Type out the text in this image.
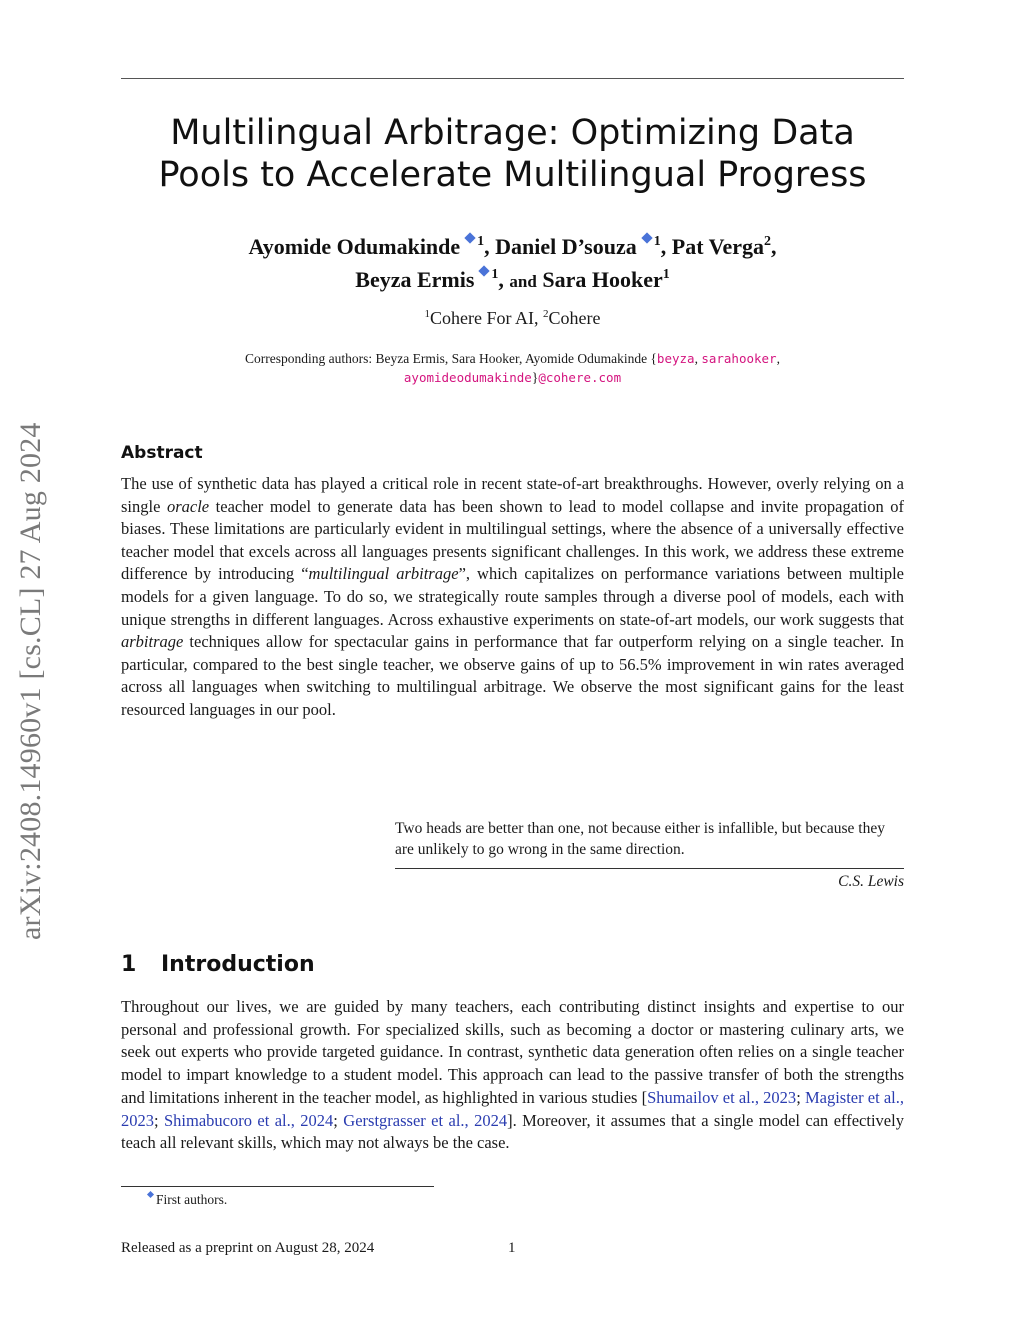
arXiv:2408.14960v1 [cs.CL] 27 Aug 2024
Multilingual Arbitrage: Optimizing Data
Pools to Accelerate Multilingual Progress
Ayomide Odumakinde $^1$, Daniel D’souza $^1$, Pat Verga$^2$,
Beyza Ermis $^1$, and Sara Hooker$^1$
$^1$Cohere For AI, $^2$Cohere
Corresponding authors: Beyza Ermis, Sara Hooker, Ayomide Odumakinde {beyza, sarahooker,
ayomideodumakinde}@cohere.com
Abstract
The use of synthetic data has played a critical role in recent state-of-art breakthroughs. However, overly relying on a single oracle teacher model to generate data has been shown to lead to model collapse and invite propagation of biases. These limitations are particularly evident in multilingual settings, where the absence of a universally effective teacher model that excels across all languages presents significant challenges. In this work, we address these extreme difference by introducing “multilingual arbitrage”, which capitalizes on performance variations between multiple models for a given language. To do so, we strategically route samples through a diverse pool of models, each with unique strengths in different languages. Across exhaustive experiments on state-of-art models, our work suggests that arbitrage techniques allow for spectacular gains in performance that far outperform relying on a single teacher. In particular, compared to the best single teacher, we observe gains of up to 56.5% improvement in win rates averaged across all languages when switching to multilingual arbitrage. We observe the most significant gains for the least resourced languages in our pool.
Two heads are better than one, not because either is infallible, but because they are unlikely to go wrong in the same direction.
C.S. Lewis
1 Introduction
Throughout our lives, we are guided by many teachers, each contributing distinct insights and expertise to our personal and professional growth. For specialized skills, such as becoming a doctor or mastering culinary arts, we seek out experts who provide targeted guidance. In contrast, synthetic data generation often relies on a single teacher model to impart knowledge to a student model. This approach can lead to the passive transfer of both the strengths and limitations inherent in the teacher model, as highlighted in various studies [Shumailov et al., 2023; Magister et al., 2023; Shimabucoro et al., 2024; Gerstgrasser et al., 2024]. Moreover, it assumes that a single model can effectively teach all relevant skills, which may not always be the case.
First authors.
Released as a preprint on August 28, 2024	1
